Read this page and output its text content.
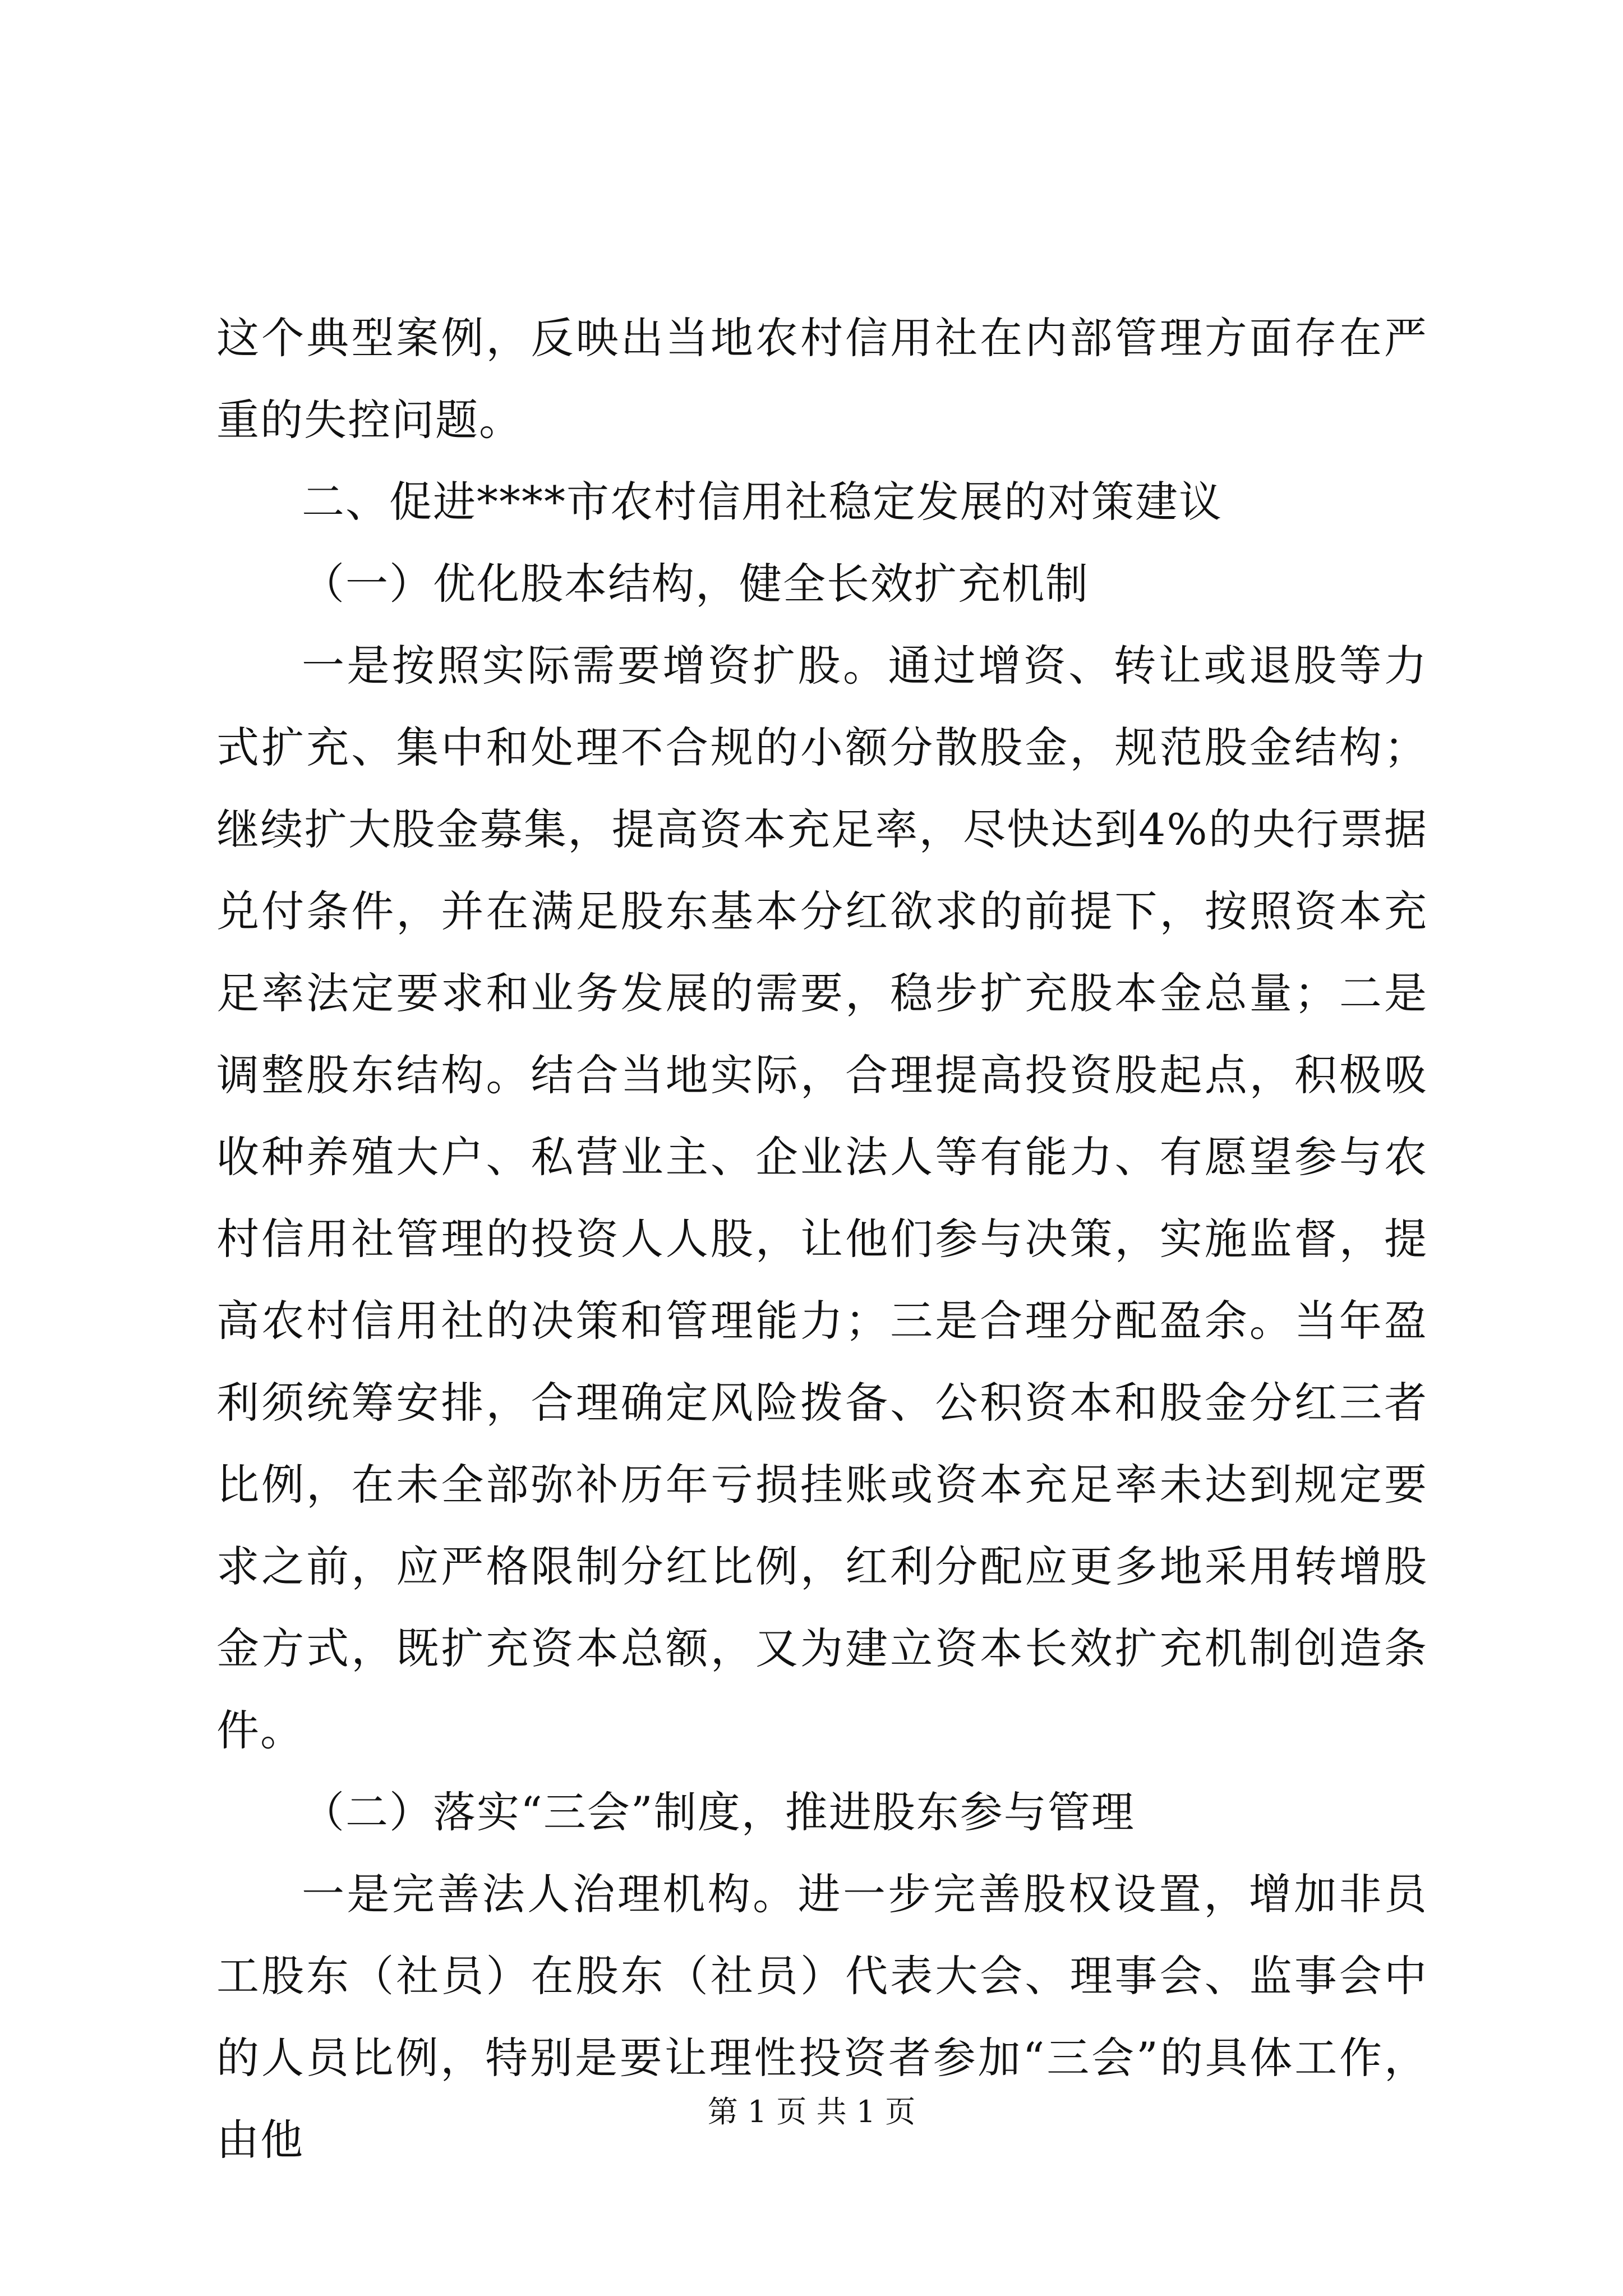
这个典型案例，反映出当地农村信用社在内部管理方面存在严重的失控问题。

二、促进****市农村信用社稳定发展的对策建议

（一）优化股本结构，健全长效扩充机制

一是按照实际需要增资扩股。通过增资、转让或退股等力式扩充、集中和处理不合规的小额分散股金，规范股金结构；继续扩大股金募集，提高资本充足率，尽快达到4%的央行票据兑付条件，并在满足股东基本分红欲求的前提下，按照资本充足率法定要求和业务发展的需要，稳步扩充股本金总量；二是调整股东结构。结合当地实际，合理提高投资股起点，积极吸收种养殖大户、私营业主、企业法人等有能力、有愿望参与农村信用社管理的投资人人股，让他们参与决策，实施监督，提高农村信用社的决策和管理能力；三是合理分配盈余。当年盈利须统筹安排，合理确定风险拨备、公积资本和股金分红三者比例，在未全部弥补历年亏损挂账或资本充足率未达到规定要求之前，应严格限制分红比例，红利分配应更多地采用转增股金方式，既扩充资本总额，又为建立资本长效扩充机制创造条件。

（二）落实“三会”制度，推进股东参与管理

一是完善法人治理机构。进一步完善股权设置，增加非员工股东（社员）在股东（社员）代表大会、理事会、监事会中的人员比例，特别是要让理性投资者参加“三会”的具体工作，由他

第 1 页 共 1 页
